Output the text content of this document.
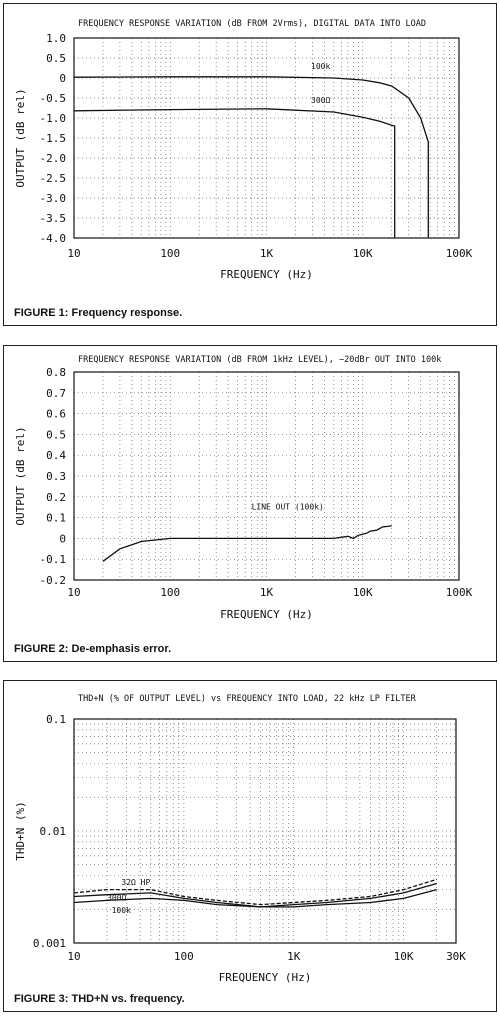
FREQUENCY RESPONSE VARIATION (dB FROM 2Vrms), DIGITAL DATA INTO LOAD
10	100	1K	10K	100K
1.0
0.5
0
-0.5
-1.0
-1.5
-2.0
-2.5
-3.0
-3.5
-4.0
FREQUENCY (Hz)
OUTPUT (dB rel)
100k
300Ω

FIGURE 1: Frequency response.

FREQUENCY RESPONSE VARIATION (dB FROM 1kHz LEVEL), −20dBr OUT INTO 100k
10	100	1K	10K	100K
0.8
0.7
0.6
0.5
0.4
0.3
0.2
0.1
0
-0.1
-0.2
FREQUENCY (Hz)
OUTPUT (dB rel)	LINE OUT (100k)

FIGURE 2: De-emphasis error.

THD+N (% OF OUTPUT LEVEL) vs FREQUENCY INTO LOAD, 22 kHz LP FILTER
10	100	1K	10K	30K
0.1
0.01
0.001
FREQUENCY (Hz)
THD+N (%)
32Ω HP
300Ω
100k

FIGURE 3: THD+N vs. frequency.
